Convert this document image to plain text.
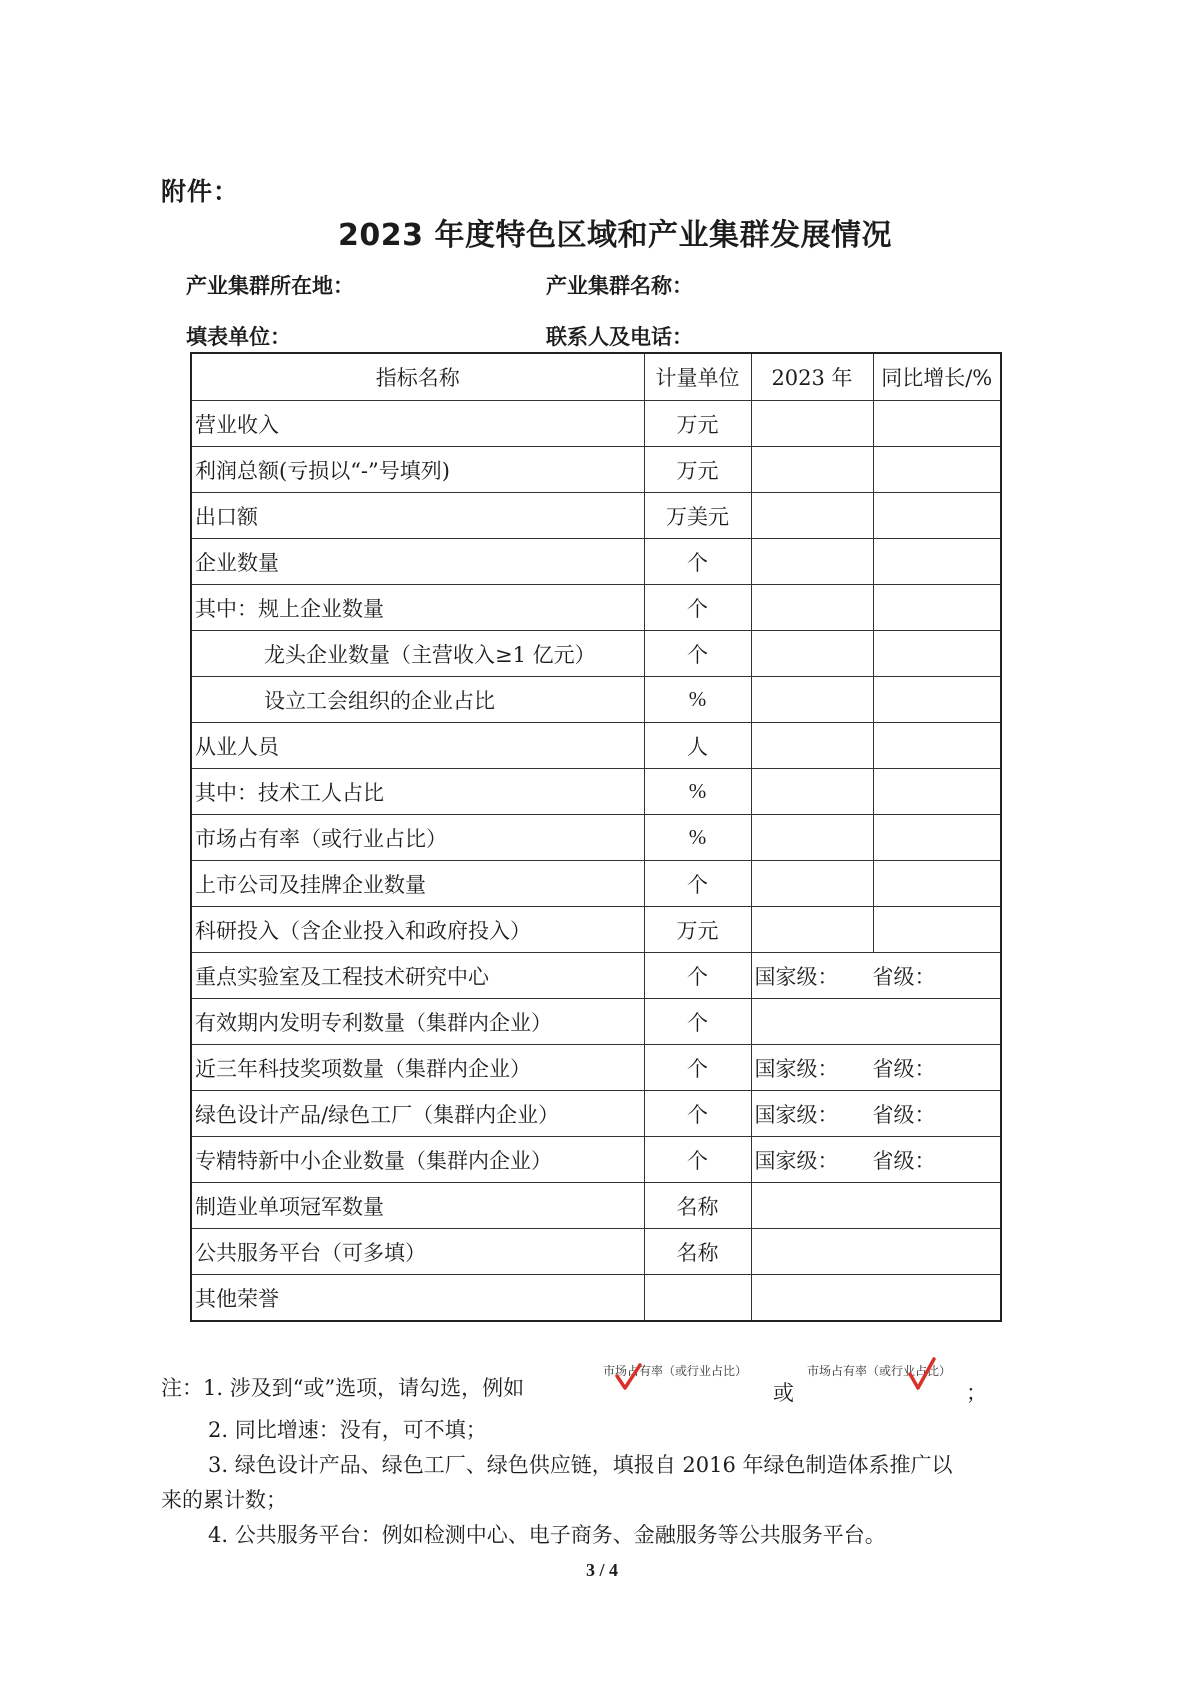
附件：
2023 年度特色区域和产业集群发展情况
产业集群所在地：	产业集群名称：
填表单位：	联系人及电话：
指标名称	计量单位	2023 年	同比增长/%
营业收入	万元		
利润总额(亏损以“-”号填列)	万元		
出口额	万美元		
企业数量	个		
其中：规上企业数量	个		
龙头企业数量（主营收入≥1 亿元）	个		
设立工会组织的企业占比	%		
从业人员	人		
其中：技术工人占比	%		
市场占有率（或行业占比）	%		
上市公司及挂牌企业数量	个		
科研投入（含企业投入和政府投入）	万元		
重点实验室及工程技术研究中心	个	国家级： 省级：	
有效期内发明专利数量（集群内企业）	个		
近三年科技奖项数量（集群内企业）	个	国家级： 省级：	
绿色设计产品/绿色工厂（集群内企业）	个	国家级： 省级：	
专精特新中小企业数量（集群内企业）	个	国家级： 省级：	
制造业单项冠军数量	名称		
公共服务平台（可多填）	名称		
其他荣誉			
注：1. 涉及到“或”选项，请勾选，例如
市场占有率（或行业占比）
或
市场占有率（或行业占比）
；
2. 同比增速：没有，可不填；
3. 绿色设计产品、绿色工厂、绿色供应链，填报自 2016 年绿色制造体系推广以
来的累计数；
4. 公共服务平台：例如检测中心、电子商务、金融服务等公共服务平台。
3 / 4
